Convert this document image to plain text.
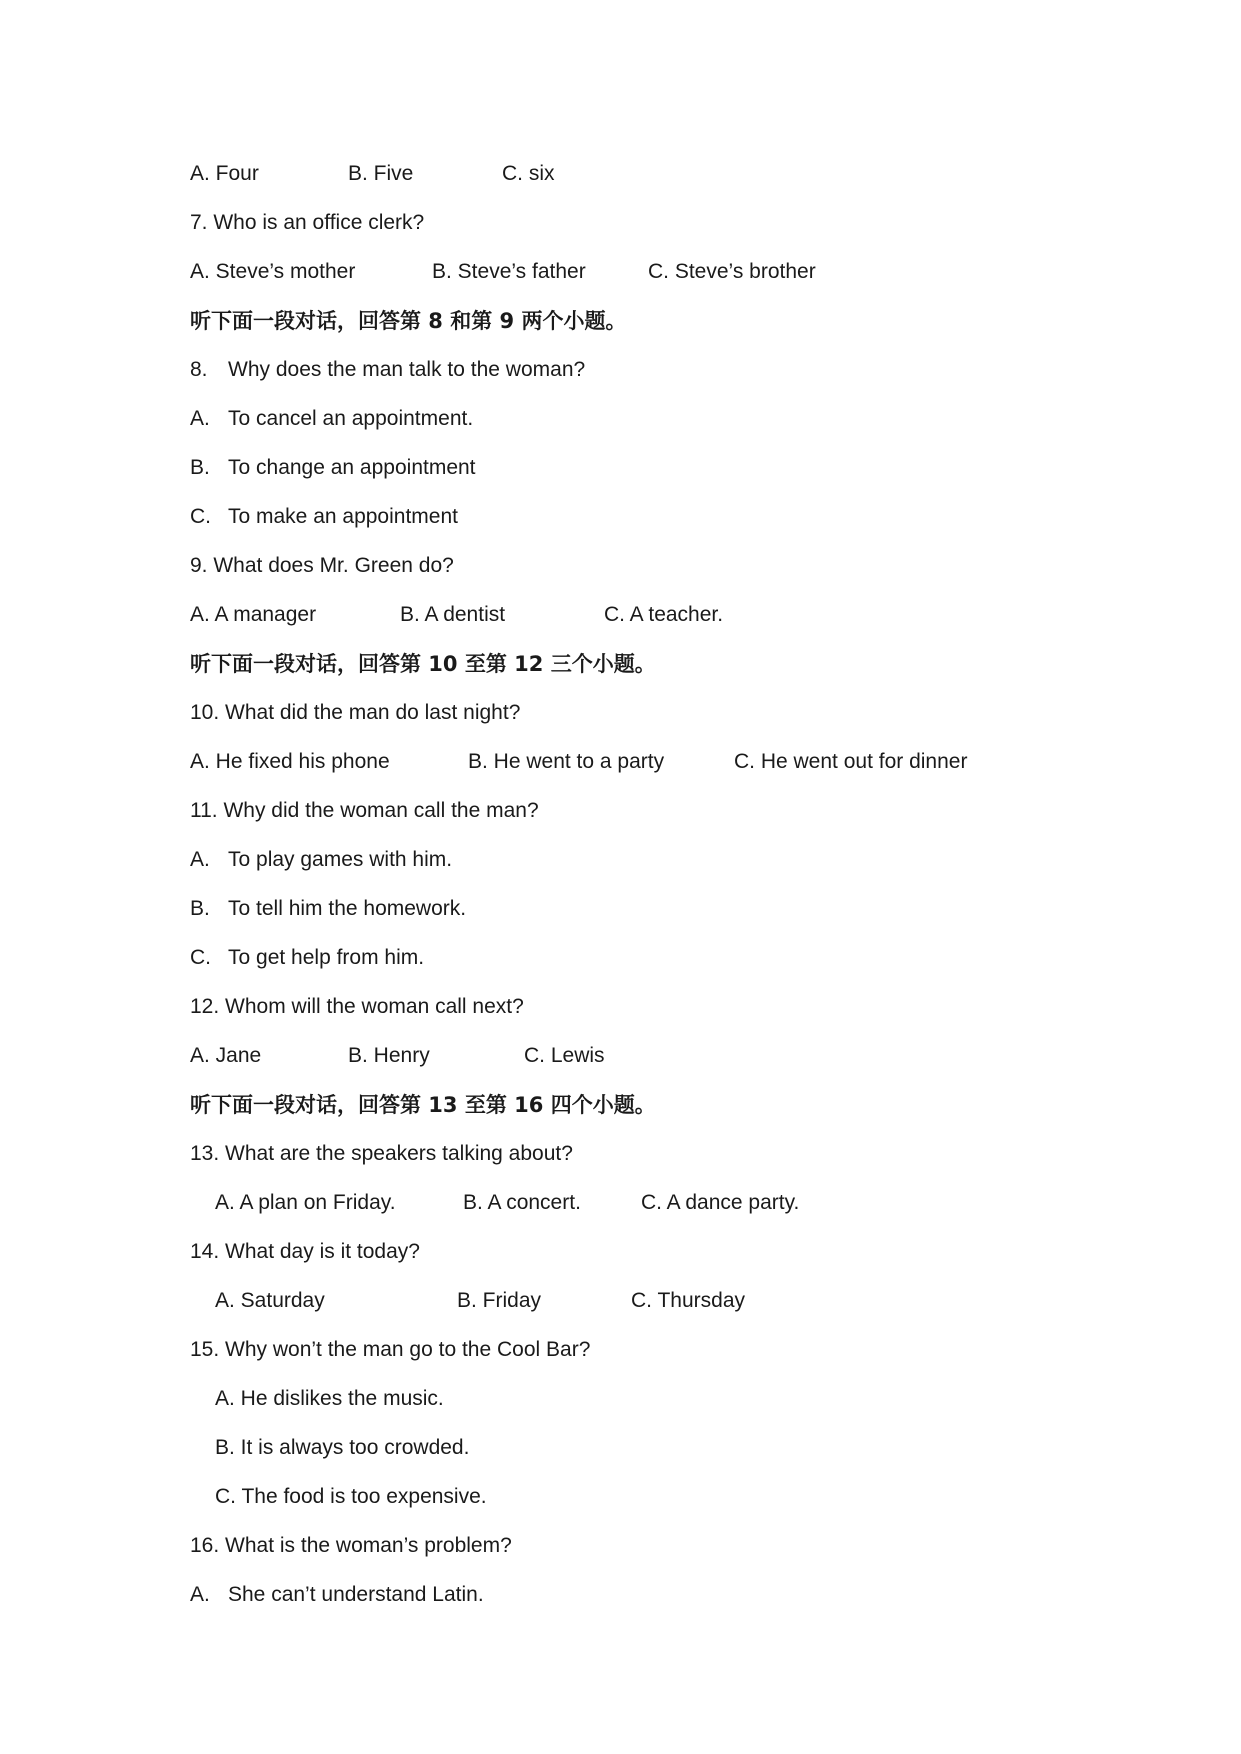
A. Four	B. Five	C. six
7. Who is an office clerk?
A. Steve’s mother	B. Steve’s father	C. Steve’s brother
听下面一段对话，回答第 8 和第 9 两个小题。
8. Why does the man talk to the woman?
A. To cancel an appointment.
B. To change an appointment
C. To make an appointment
9. What does Mr. Green do?
A. A manager	B. A dentist	C. A teacher.
听下面一段对话，回答第 10 至第 12 三个小题。
10. What did the man do last night?
A. He fixed his phone	B. He went to a party	C. He went out for dinner
11. Why did the woman call the man?
A. To play games with him.
B. To tell him the homework.
C. To get help from him.
12. Whom will the woman call next?
A. Jane	B. Henry	C. Lewis
听下面一段对话，回答第 13 至第 16 四个小题。
13. What are the speakers talking about?
A. A plan on Friday.	B. A concert.	C. A dance party.
14. What day is it today?
A. Saturday	B. Friday	C. Thursday
15. Why won’t the man go to the Cool Bar?
A. He dislikes the music.
B. It is always too crowded.
C. The food is too expensive.
16. What is the woman’s problem?
A. She can’t understand Latin.
